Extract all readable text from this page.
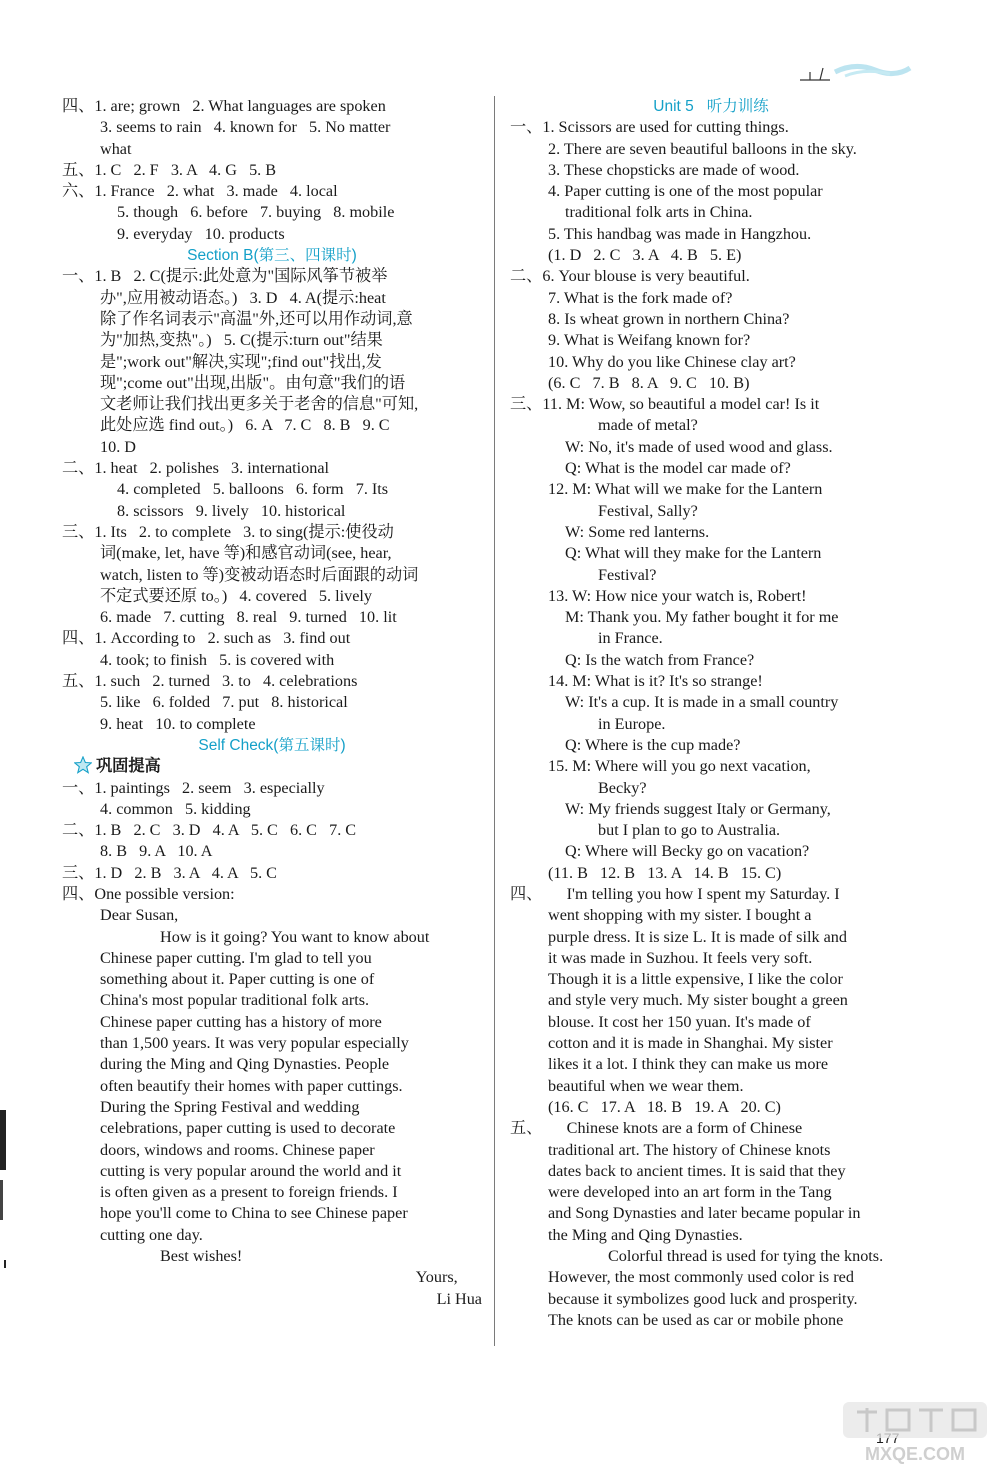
四、1. are; grown   2. What languages are spoken
3. seems to rain   4. known for   5. No matter
what
五、1. C   2. F   3. A   4. G   5. B
六、1. France   2. what   3. made   4. local
5. though   6. before   7. buying   8. mobile
9. everyday   10. products
Section B(第三、四课时)
一、1. B   2. C(提示:此处意为"国际风筝节被举
办",应用被动语态。)   3. D   4. A(提示:heat
除了作名词表示"高温"外,还可以用作动词,意
为"加热,变热"。)   5. C(提示:turn out"结果
是";work out"解决,实现";find out"找出,发
现";come out"出现,出版"。由句意"我们的语
文老师让我们找出更多关于老舍的信息"可知,
此处应选 find out。)   6. A   7. C   8. B   9. C
10. D
二、1. heat   2. polishes   3. international
4. completed   5. balloons   6. form   7. Its
8. scissors   9. lively   10. historical
三、1. Its   2. to complete   3. to sing(提示:使役动
词(make, let, have 等)和感官动词(see, hear,
watch, listen to 等)变被动语态时后面跟的动词
不定式要还原 to。)   4. covered   5. lively
6. made   7. cutting   8. real   9. turned   10. lit
四、1. According to   2. such as   3. find out
4. took; to finish   5. is covered with
五、1. such   2. turned   3. to   4. celebrations
5. like   6. folded   7. put   8. historical
9. heat   10. to complete
Self Check(第五课时)
巩固提高
一、1. paintings   2. seem   3. especially
4. common   5. kidding
二、1. B   2. C   3. D   4. A   5. C   6. C   7. C
8. B   9. A   10. A
三、1. D   2. B   3. A   4. A   5. C
四、One possible version:
Dear Susan,
How is it going? You want to know about
Chinese paper cutting. I'm glad to tell you
something about it. Paper cutting is one of
China's most popular traditional folk arts.
Chinese paper cutting has a history of more
than 1,500 years. It was very popular especially
during the Ming and Qing Dynasties. People
often beautify their homes with paper cuttings.
During the Spring Festival and wedding
celebrations, paper cutting is used to decorate
doors, windows and rooms. Chinese paper
cutting is very popular around the world and it
is often given as a present to foreign friends. I
hope you'll come to China to see Chinese paper
cutting one day.
Best wishes!
Yours,
Li Hua
Unit 5   听力训练
一、1. Scissors are used for cutting things.
2. There are seven beautiful balloons in the sky.
3. These chopsticks are made of wood.
4. Paper cutting is one of the most popular
traditional folk arts in China.
5. This handbag was made in Hangzhou.
(1. D   2. C   3. A   4. B   5. E)
二、6. Your blouse is very beautiful.
7. What is the fork made of?
8. Is wheat grown in northern China?
9. What is Weifang known for?
10. Why do you like Chinese clay art?
(6. C   7. B   8. A   9. C   10. B)
三、11. M: Wow, so beautiful a model car! Is it
made of metal?
W: No, it's made of used wood and glass.
Q: What is the model car made of?
12. M: What will we make for the Lantern
Festival, Sally?
W: Some red lanterns.
Q: What will they make for the Lantern
Festival?
13. W: How nice your watch is, Robert!
M: Thank you. My father bought it for me
in France.
Q: Is the watch from France?
14. M: What is it? It's so strange!
W: It's a cup. It is made in a small country
in Europe.
Q: Where is the cup made?
15. M: Where will you go next vacation,
Becky?
W: My friends suggest Italy or Germany,
but I plan to go to Australia.
Q: Where will Becky go on vacation?
(11. B   12. B   13. A   14. B   15. C)
四、      I'm telling you how I spent my Saturday. I
went shopping with my sister. I bought a
purple dress. It is size L. It is made of silk and
it was made in Suzhou. It feels very soft.
Though it is a little expensive, I like the color
and style very much. My sister bought a green
blouse. It cost her 150 yuan. It's made of
cotton and it is made in Shanghai. My sister
likes it a lot. I think they can make us more
beautiful when we wear them.
(16. C   17. A   18. B   19. A   20. C)
五、      Chinese knots are a form of Chinese
traditional art. The history of Chinese knots
dates back to ancient times. It is said that they
were developed into an art form in the Tang
and Song Dynasties and later became popular in
the Ming and Qing Dynasties.
Colorful thread is used for tying the knots.
However, the most commonly used color is red
because it symbolizes good luck and prosperity.
The knots can be used as car or mobile phone
MXQE.COM
